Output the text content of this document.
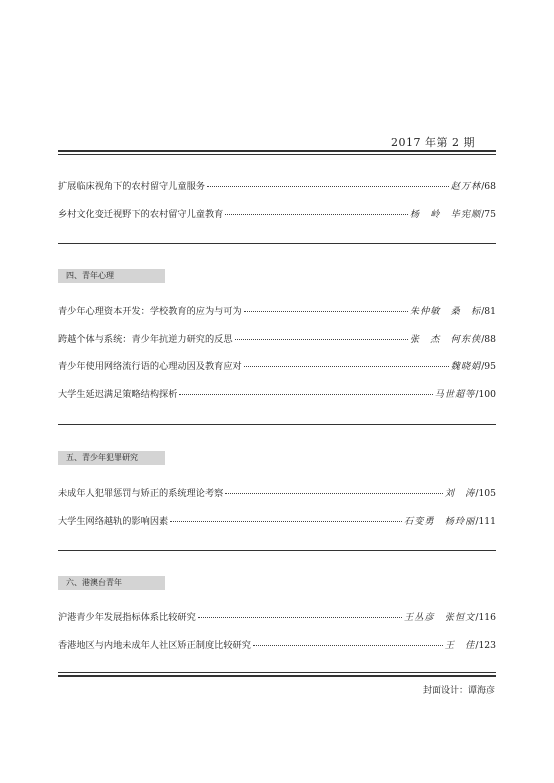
2017 年第 2 期
扩展临床视角下的农村留守儿童服务	赵万林 /68
乡村文化变迁视野下的农村留守儿童教育	杨　岭　毕宪顺 /75
四、青年心理
青少年心理资本开发：学校教育的应为与可为	朱仲敏　桑　标 /81
跨越个体与系统：青少年抗逆力研究的反思	张　杰　何东侠 /88
青少年使用网络流行语的心理动因及教育应对	魏晓娟 /95
大学生延迟满足策略结构探析	马世超等 /100
五、青少年犯罪研究
未成年人犯罪惩罚与矫正的系统理论考察	刘　涛 /105
大学生网络越轨的影响因素	石变勇　杨玲丽 /111
六、港澳台青年
沪港青少年发展指标体系比较研究	王丛彦　张恒文 /116
香港地区与内地未成年人社区矫正制度比较研究	王　佳 /123
封面设计：谭海彦
